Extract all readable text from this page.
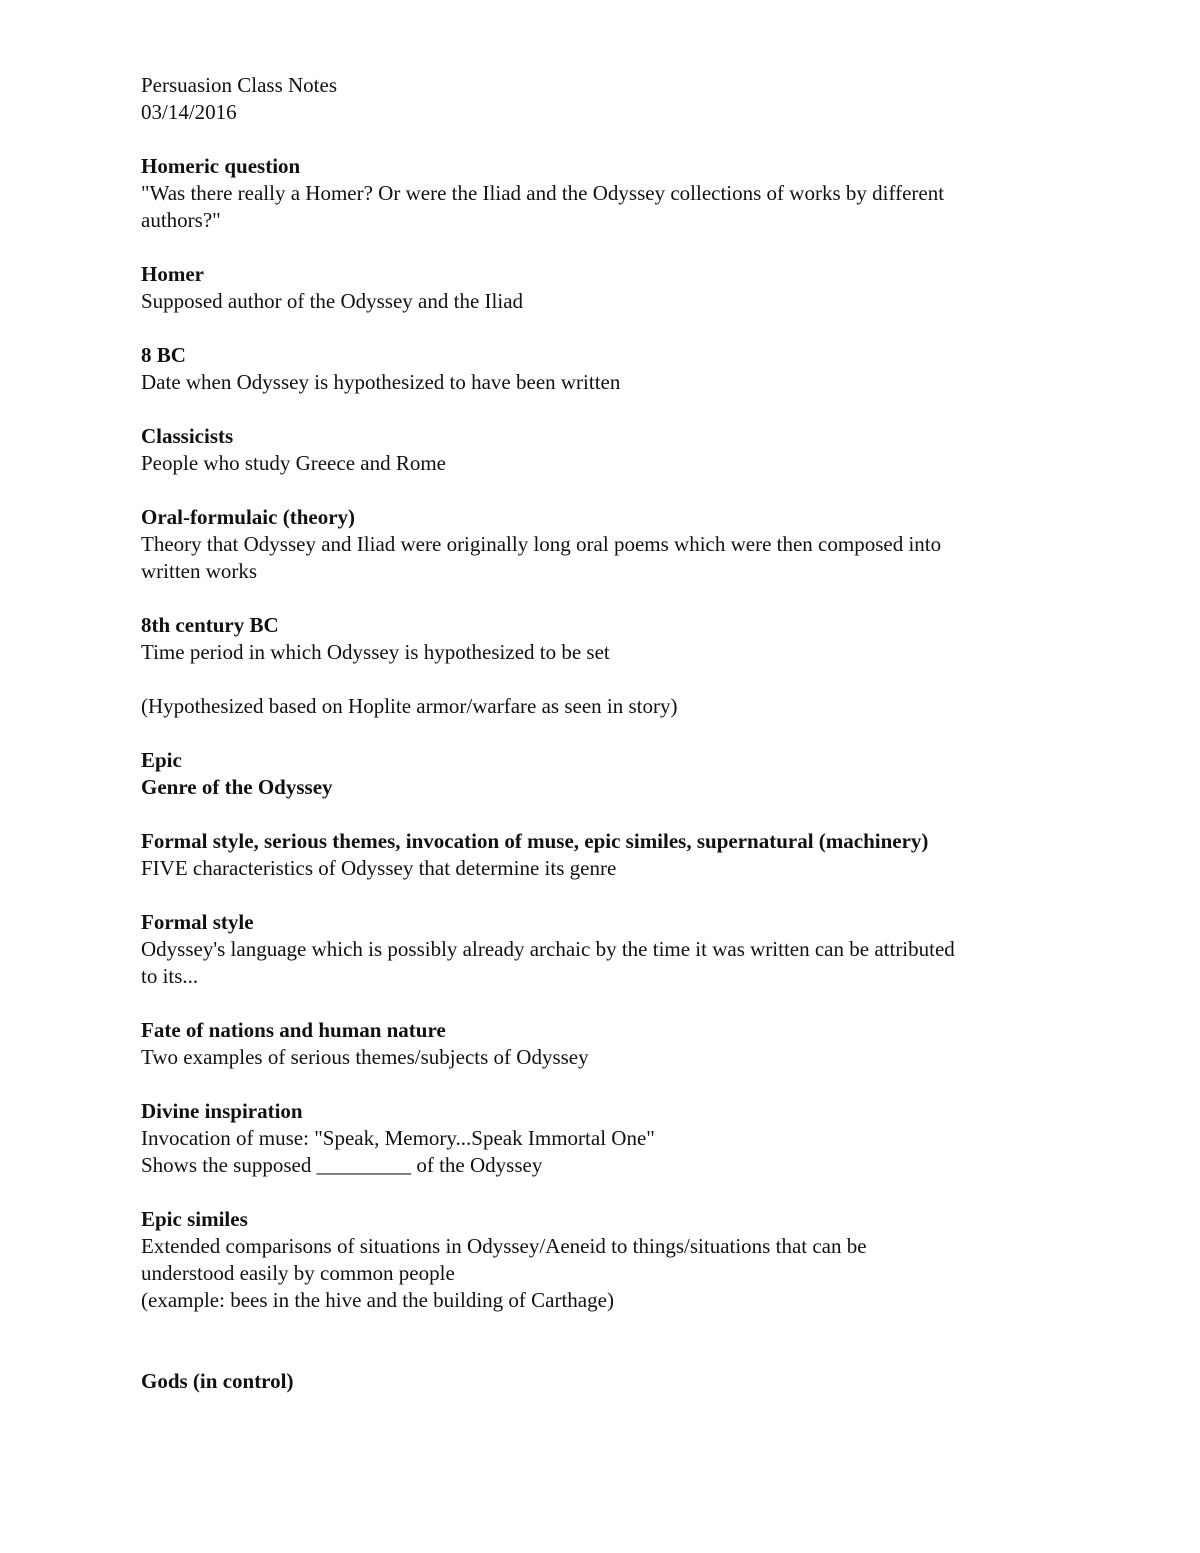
Persuasion Class Notes
03/14/2016
Homeric question
"Was there really a Homer? Or were the Iliad and the Odyssey collections of works by different
authors?"
Homer
Supposed author of the Odyssey and the Iliad
8 BC
Date when Odyssey is hypothesized to have been written
Classicists
People who study Greece and Rome
Oral-formulaic (theory)
Theory that Odyssey and Iliad were originally long oral poems which were then composed into
written works
8th century BC
Time period in which Odyssey is hypothesized to be set
(Hypothesized based on Hoplite armor/warfare as seen in story)
Epic
Genre of the Odyssey
Formal style, serious themes, invocation of muse, epic similes, supernatural (machinery)
FIVE characteristics of Odyssey that determine its genre
Formal style
Odyssey's language which is possibly already archaic by the time it was written can be attributed
to its...
Fate of nations and human nature
Two examples of serious themes/subjects of Odyssey
Divine inspiration
Invocation of muse: "Speak, Memory...Speak Immortal One"
Shows the supposed _________ of the Odyssey
Epic similes
Extended comparisons of situations in Odyssey/Aeneid to things/situations that can be
understood easily by common people
(example: bees in the hive and the building of Carthage)
Gods (in control)
